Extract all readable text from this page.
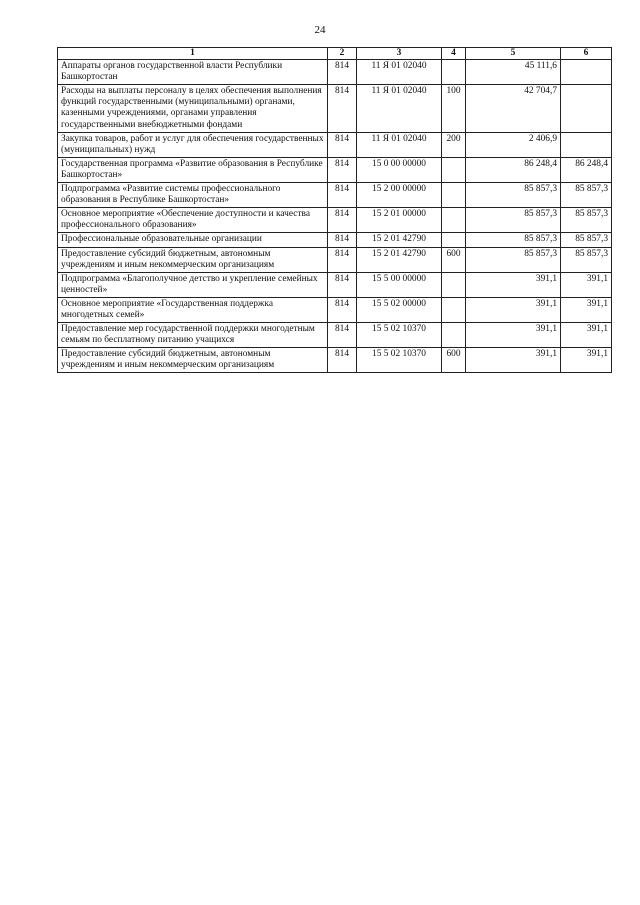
24
1	2	3	4	5	6
Аппараты органов государственной власти Республики Башкортостан	814	11 Я 01 02040		45 111,6	
Расходы на выплаты персоналу в целях обеспечения выполнения функций государственными (муниципальными) органами, казенными учреждениями, органами управления государственными внебюджетными фондами	814	11 Я 01 02040	100	42 704,7	
Закупка товаров, работ и услуг для обеспечения государственных (муниципальных) нужд	814	11 Я 01 02040	200	2 406,9	
Государственная программа «Развитие образования в Республике Башкортостан»	814	15 0 00 00000		86 248,4	86 248,4
Подпрограмма «Развитие системы профессионального образования в Республике Башкортостан»	814	15 2 00 00000		85 857,3	85 857,3
Основное мероприятие «Обеспечение доступности и качества профессионального образования»	814	15 2 01 00000		85 857,3	85 857,3
Профессиональные образовательные организации	814	15 2 01 42790		85 857,3	85 857,3
Предоставление субсидий бюджетным, автономным учреждениям и иным некоммерческим организациям	814	15 2 01 42790	600	85 857,3	85 857,3
Подпрограмма «Благополучное детство и укрепление семейных ценностей»	814	15 5 00 00000		391,1	391,1
Основное мероприятие «Государственная поддержка многодетных семей»	814	15 5 02 00000		391,1	391,1
Предоставление мер государственной поддержки многодетным семьям по бесплатному питанию учащихся	814	15 5 02 10370		391,1	391,1
Предоставление субсидий бюджетным, автономным учреждениям и иным некоммерческим организациям	814	15 5 02 10370	600	391,1	391,1
